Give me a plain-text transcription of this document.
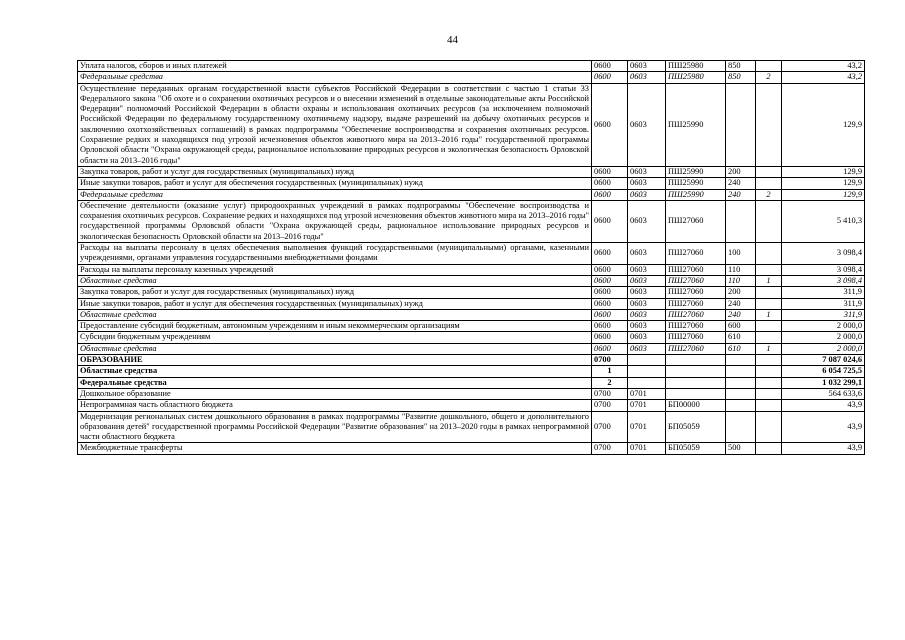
44
Уплата налогов, сборов и иных платежей	0600	0603	ПШ25980	850		43,2
Федеральные средства	0600	0603	ПШ25980	850	2	43,2
Осуществление переданных органам государственной власти субъектов Российской Федерации в соответствии с частью 1 статьи 33 Федерального закона "Об охоте и о сохранении охотничьих ресурсов и о внесении изменений в отдельные законодательные акты Российской Федерации" полномочий Российской Федерации в области охраны и использования охотничьих ресурсов (за исключением полномочий Российской Федерации по федеральному государственному охотничьему надзору, выдаче разрешений на добычу охотничьих ресурсов и заключению охотхозяйственных соглашений) в рамках подпрограммы "Обеспечение воспроизводства и сохранения охотничьих ресурсов. Сохранение редких и находящихся под угрозой исчезновения объектов животного мира на 2013–2016 годы" государственной программы Орловской области "Охрана окружающей среды, рациональное использование природных ресурсов и экологическая безопасность Орловской области на 2013–2016 годы"	0600	0603	ПШ25990			129,9
Закупка товаров, работ и услуг для государственных (муниципальных) нужд	0600	0603	ПШ25990	200		129,9
Иные закупки товаров, работ и услуг для обеспечения государственных (муниципальных) нужд	0600	0603	ПШ25990	240		129,9
Федеральные средства	0600	0603	ПШ25990	240	2	129,9
Обеспечение деятельности (оказание услуг) природоохранных учреждений в рамках подпрограммы "Обеспечение воспроизводства и сохранения охотничьих ресурсов. Сохранение редких и находящихся под угрозой исчезновения объектов животного мира на 2013–2016 годы" государственной программы Орловской области "Охрана окружающей среды, рациональное использование природных ресурсов и экологическая безопасность Орловской области на 2013–2016 годы"	0600	0603	ПШ27060			5 410,3
Расходы на выплаты персоналу в целях обеспечения выполнения функций государственными (муниципальными) органами, казенными учреждениями, органами управления государственными внебюджетными фондами	0600	0603	ПШ27060	100		3 098,4
Расходы на выплаты персоналу казенных учреждений	0600	0603	ПШ27060	110		3 098,4
Областные средства	0600	0603	ПШ27060	110	1	3 098,4
Закупка товаров, работ и услуг для государственных (муниципальных) нужд	0600	0603	ПШ27060	200		311,9
Иные закупки товаров, работ и услуг для обеспечения государственных (муниципальных) нужд	0600	0603	ПШ27060	240		311,9
Областные средства	0600	0603	ПШ27060	240	1	311,9
Предоставление субсидий бюджетным, автономным учреждениям и иным некоммерческим организациям	0600	0603	ПШ27060	600		2 000,0
Субсидии бюджетным учреждениям	0600	0603	ПШ27060	610		2 000,0
Областные средства	0600	0603	ПШ27060	610	1	2 000,0
ОБРАЗОВАНИЕ	0700					7 087 024,6
Областные средства	1					6 054 725,5
Федеральные средства	2					1 032 299,1
Дошкольное образование	0700	0701				564 633,6
Непрограммная часть областного бюджета	0700	0701	БП00000			43,9
Модернизация региональных систем дошкольного образования в рамках подпрограммы "Развитие дошкольного, общего и дополнительного образования детей" государственной программы Российской Федерации "Развитие образования" на 2013–2020 годы в рамках непрограммной части областного бюджета	0700	0701	БП05059			43,9
Межбюджетные трансферты	0700	0701	БП05059	500		43,9
